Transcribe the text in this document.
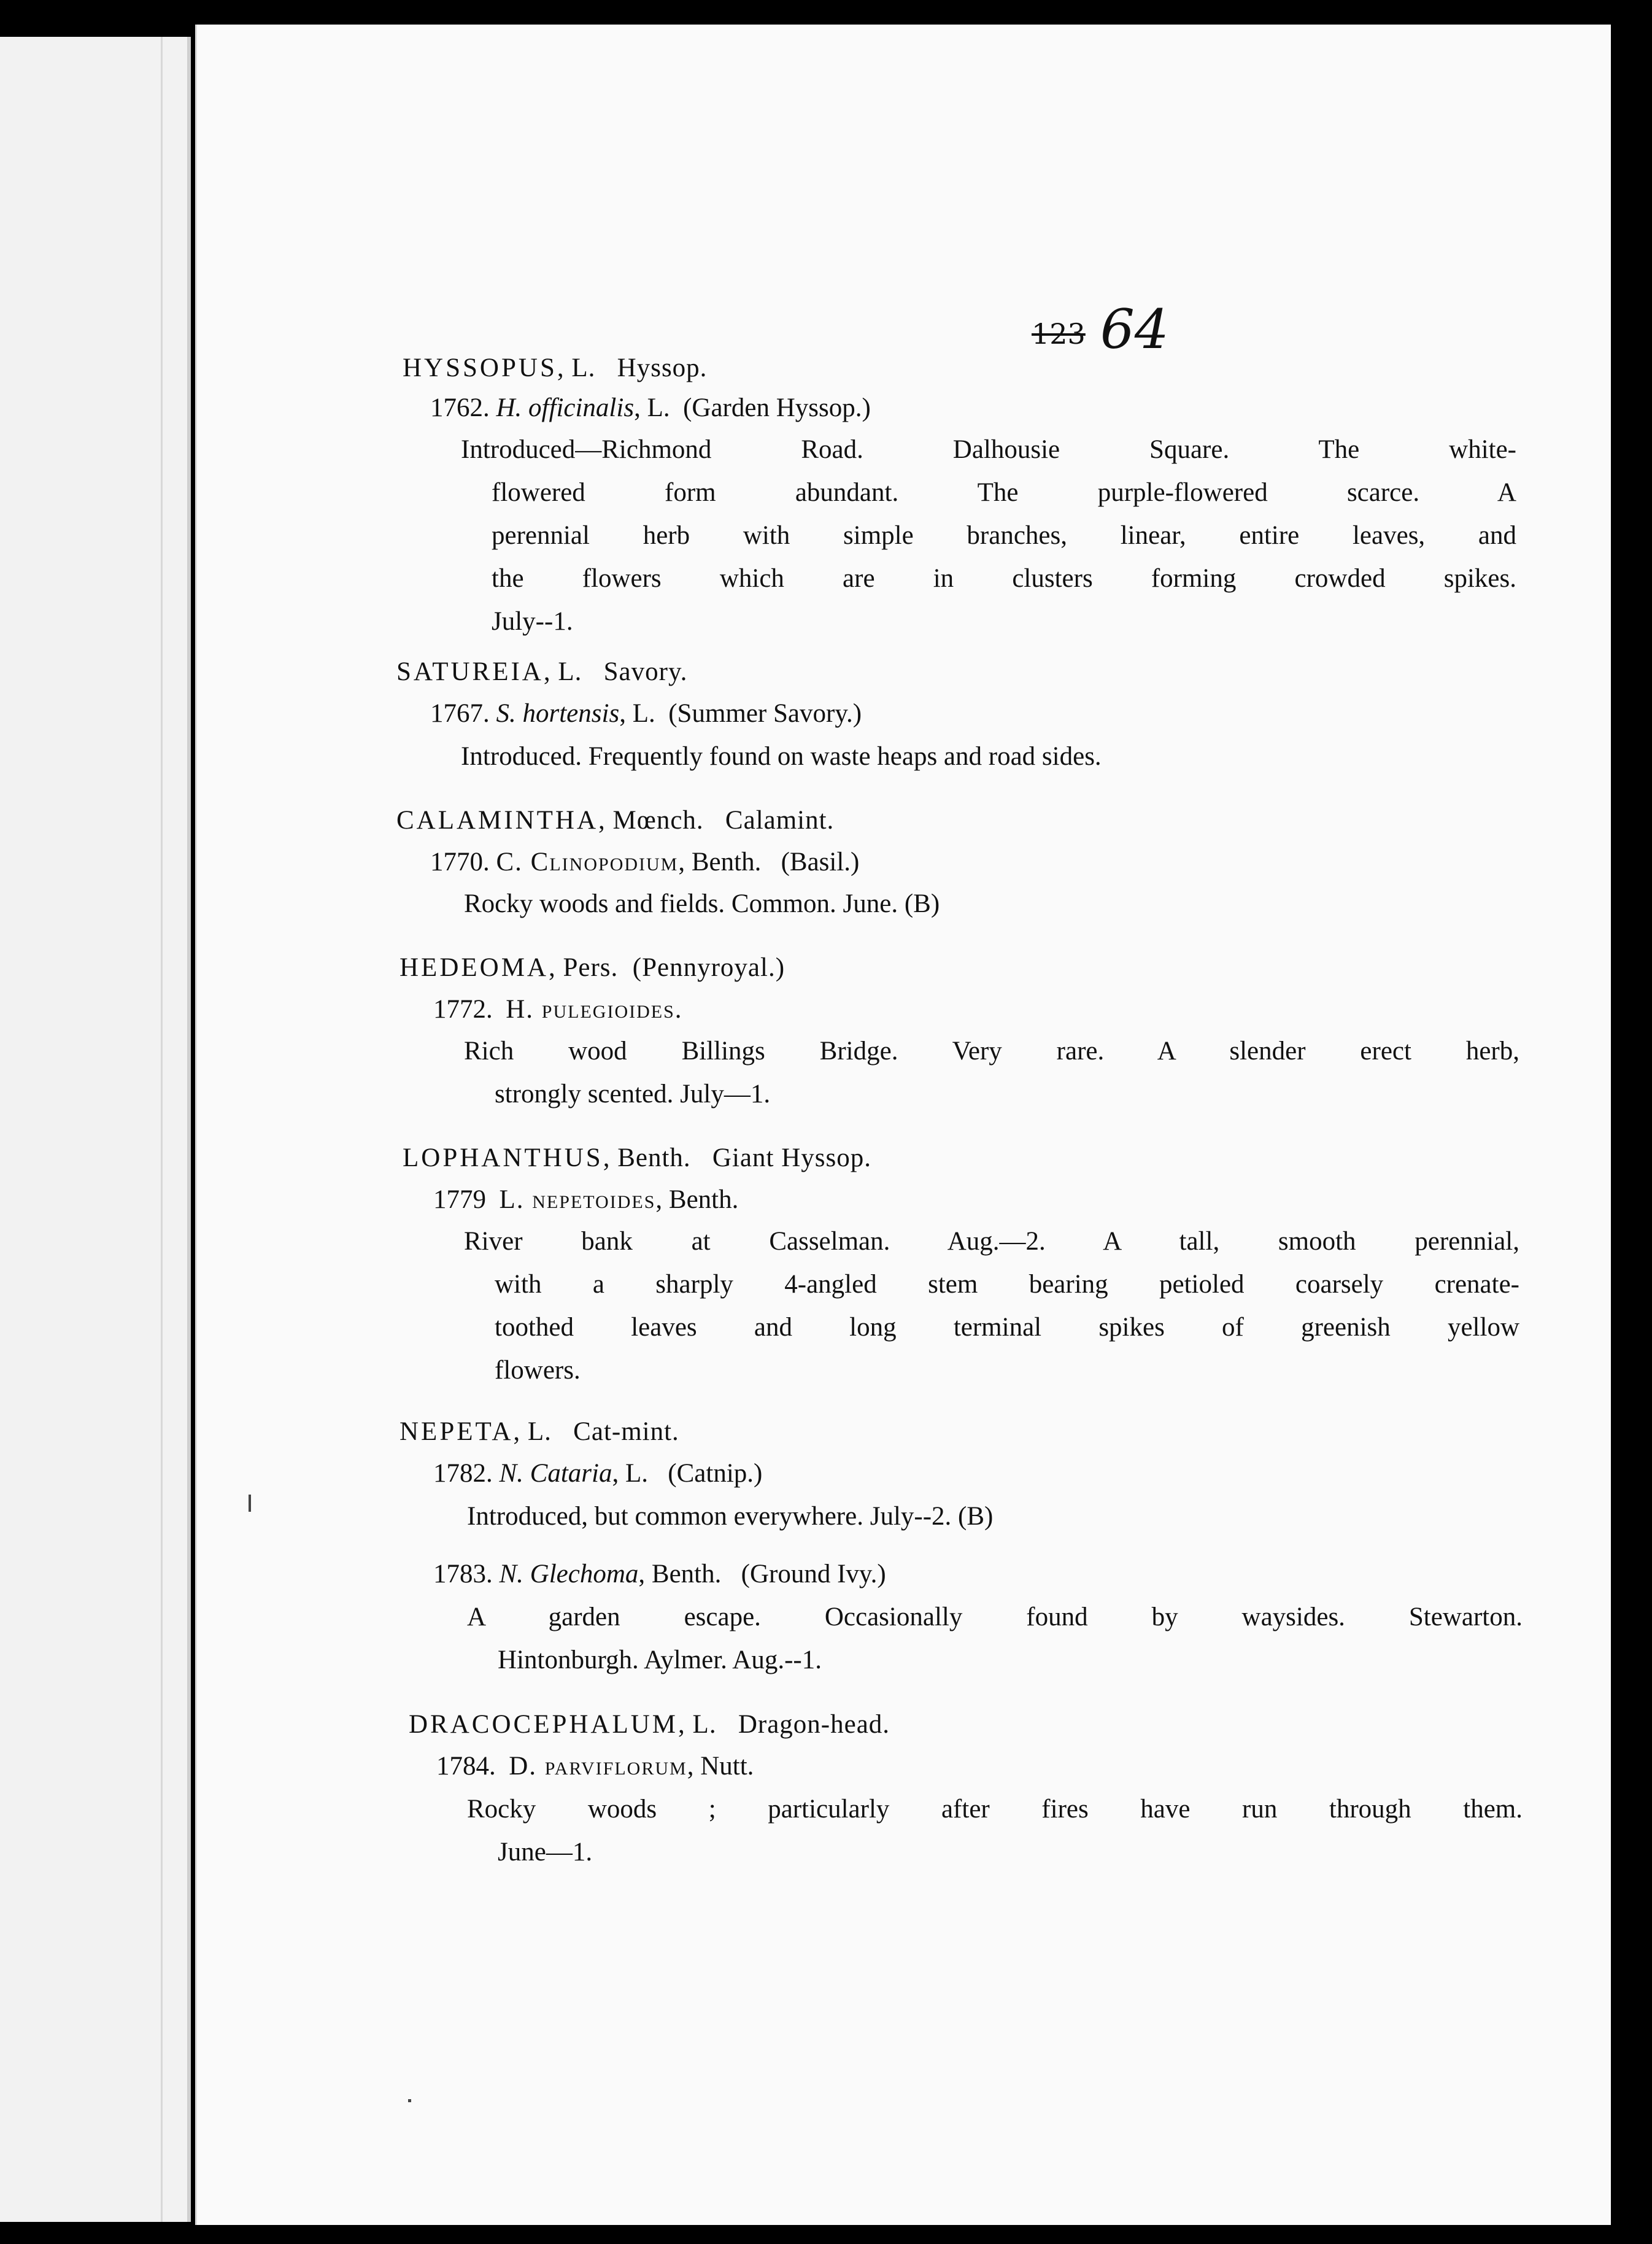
123 64
HYSSOPUS, L. Hyssop.
1762. H. officinalis, L. (Garden Hyssop.)
Introduced—Richmond Road. Dalhousie Square. The white-
flowered form abundant. The purple-flowered scarce. A
perennial herb with simple branches, linear, entire leaves, and
the flowers which are in clusters forming crowded spikes.
July--1.
SATUREIA, L. Savory.
1767. S. hortensis, L. (Summer Savory.)
Introduced. Frequently found on waste heaps and road sides.
CALAMINTHA, Mœnch. Calamint.
1770. C. Clinopodium, Benth. (Basil.)
Rocky woods and fields. Common. June. (B)
HEDEOMA, Pers. (Pennyroyal.)
1772. H. pulegioides.
Rich wood Billings Bridge. Very rare. A slender erect herb,
strongly scented. July—1.
LOPHANTHUS, Benth. Giant Hyssop.
1779 L. nepetoides, Benth.
River bank at Casselman. Aug.—2. A tall, smooth perennial,
with a sharply 4-angled stem bearing petioled coarsely crenate-
toothed leaves and long terminal spikes of greenish yellow
flowers.
NEPETA, L. Cat-mint.
1782. N. Cataria, L. (Catnip.)
Introduced, but common everywhere. July--2. (B)
1783. N. Glechoma, Benth. (Ground Ivy.)
A garden escape. Occasionally found by waysides. Stewarton.
Hintonburgh. Aylmer. Aug.--1.
DRACOCEPHALUM, L. Dragon-head.
1784. D. parviflorum, Nutt.
Rocky woods ; particularly after fires have run through them.
June—1.
